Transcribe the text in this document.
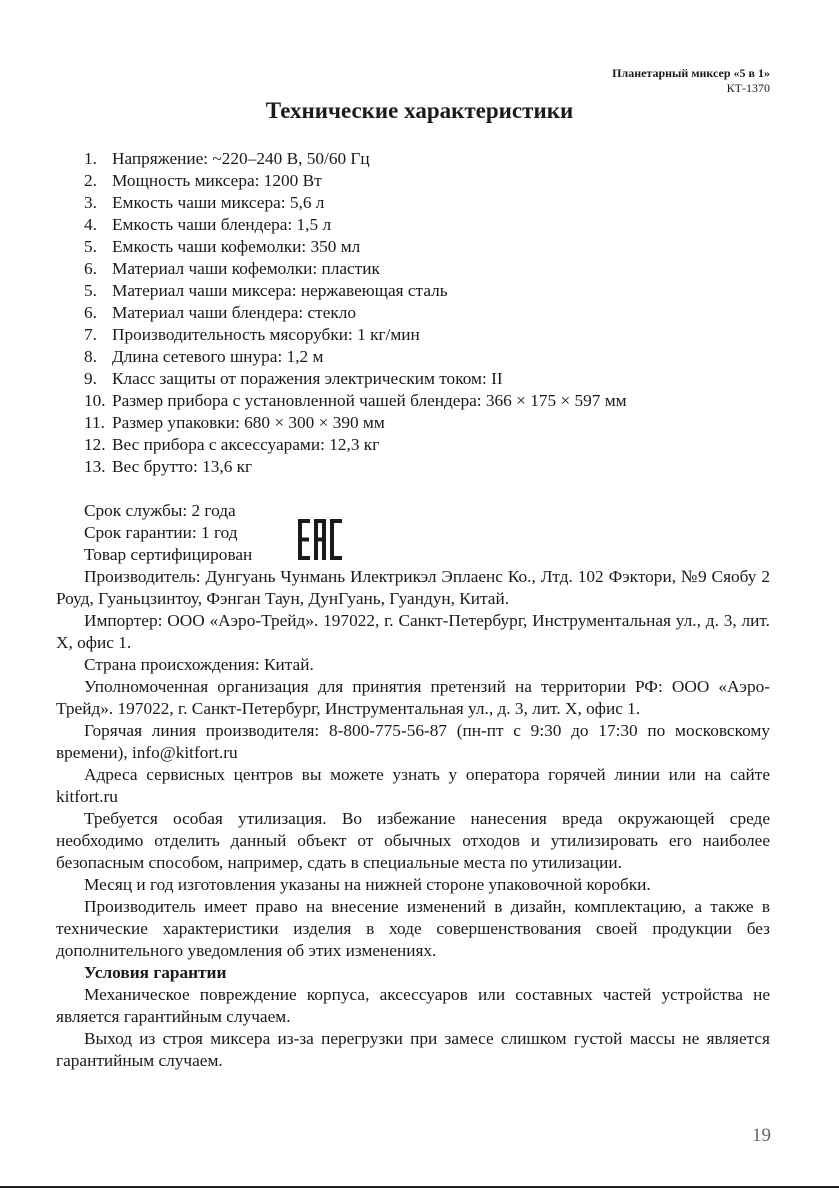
Планетарный миксер «5 в 1»
КТ-1370
Технические характеристики
1. Напряжение: ~220–240 В, 50/60 Гц
2. Мощность миксера: 1200 Вт
3. Емкость чаши миксера: 5,6 л
4. Емкость чаши блендера: 1,5 л
5. Емкость чаши кофемолки: 350 мл
6. Материал чаши кофемолки: пластик
5. Материал чаши миксера: нержавеющая сталь
6. Материал чаши блендера: стекло
7. Производительность мясорубки: 1 кг/мин
8. Длина сетевого шнура: 1,2 м
9. Класс защиты от поражения электрическим током: II
10. Размер прибора с установленной чашей блендера: 366 × 175 × 597 мм
11. Размер упаковки: 680 × 300 × 390 мм
12. Вес прибора с аксессуарами: 12,3 кг
13. Вес брутто: 13,6 кг
Срок службы: 2 года
Срок гарантии: 1 год
Товар сертифицирован

Производитель: Дунгуань Чунмань Илектрикэл Эплаенс Ко., Лтд. 102 Фэктори, №9 Сяобу 2 Роуд, Гуаньцзинтоу, Фэнган Таун, ДунГуань, Гуандун, Китай.

Импортер: ООО «Аэро-Трейд». 197022, г. Санкт-Петербург, Инструментальная ул., д. 3, лит. Х, офис 1.

Страна происхождения: Китай.

Уполномоченная организация для принятия претензий на территории РФ: ООО «Аэро-Трейд». 197022, г. Санкт-Петербург, Инструментальная ул., д. 3, лит. Х, офис 1.

Горячая линия производителя: 8-800-775-56-87 (пн-пт с 9:30 до 17:30 по московскому времени), info@kitfort.ru

Адреса сервисных центров вы можете узнать у оператора горячей линии или на сайте kitfort.ru

Требуется особая утилизация. Во избежание нанесения вреда окружающей среде необходимо отделить данный объект от обычных отходов и утилизировать его наиболее безопасным способом, например, сдать в специальные места по утилизации.

Месяц и год изготовления указаны на нижней стороне упаковочной коробки.

Производитель имеет право на внесение изменений в дизайн, комплектацию, а также в технические характеристики изделия в ходе совершенствования своей продукции без дополнительного уведомления об этих изменениях.

Условия гарантии

Механическое повреждение корпуса, аксессуаров или составных частей устройства не является гарантийным случаем.

Выход из строя миксера из-за перегрузки при замесе слишком густой массы не является гарантийным случаем.

19
